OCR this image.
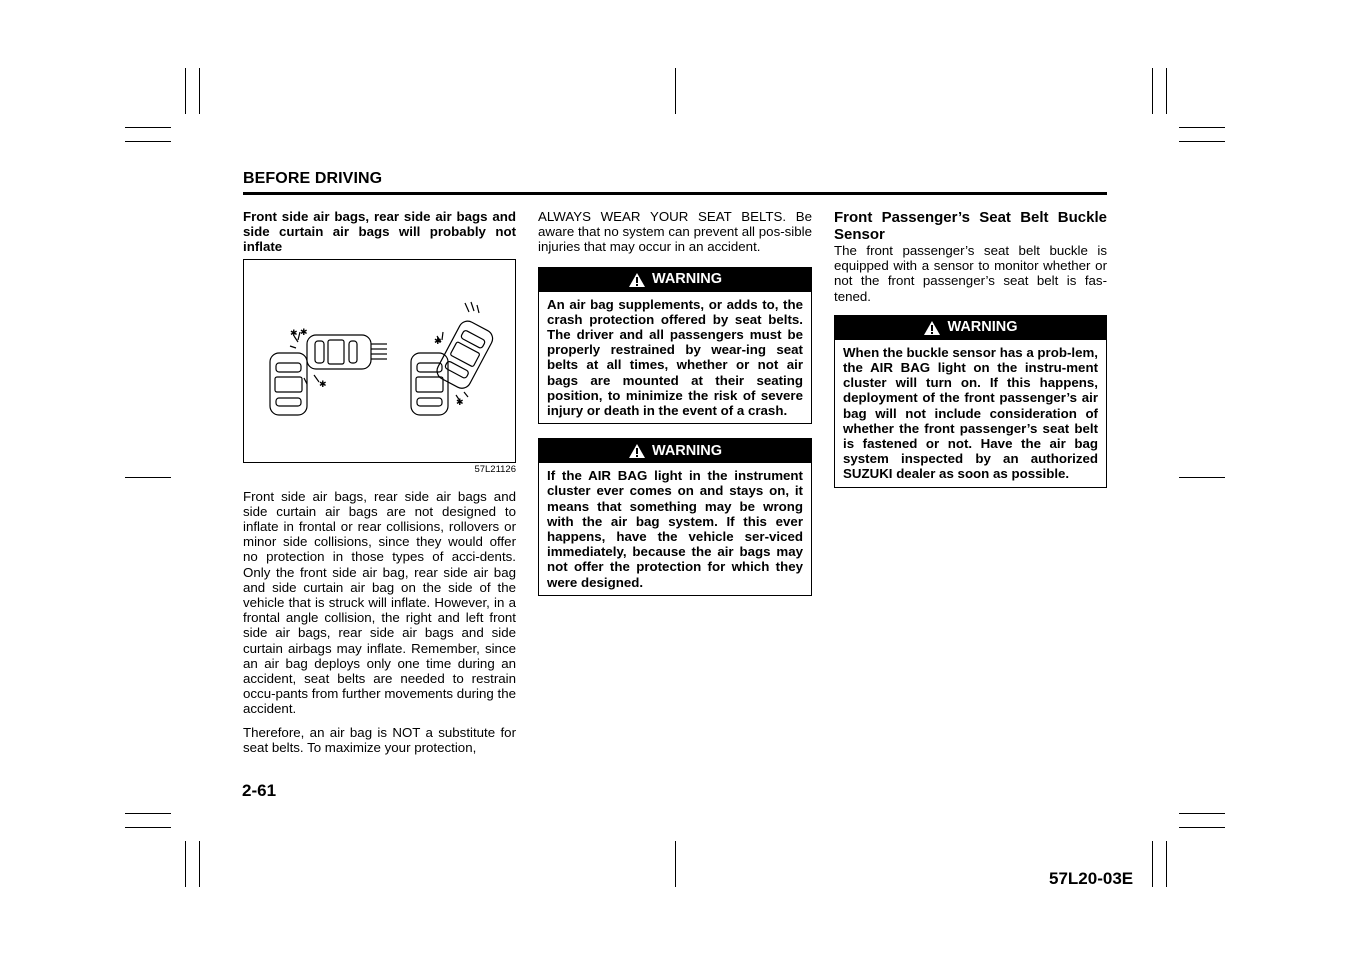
BEFORE DRIVING

Front side air bags, rear side air bags and side curtain air bags will probably not inflate

✱ ✱
✱
✱
✱
57L21126

Front side air bags, rear side air bags and side curtain air bags are not designed to inflate in frontal or rear collisions, rollovers or minor side collisions, since they would offer no protection in those types of acci-dents. Only the front side air bag, rear side air bag and side curtain air bag on the side of the vehicle that is struck will inflate. However, in a frontal angle collision, the right and left front side air bags, rear side air bags and side curtain airbags may inflate. Remember, since an air bag deploys only one time during an accident, seat belts are needed to restrain occu-pants from further movements during the accident.

Therefore, an air bag is NOT a substitute for seat belts. To maximize your protection,

ALWAYS WEAR YOUR SEAT BELTS. Be aware that no system can prevent all pos-sible injuries that may occur in an accident.

WARNING
An air bag supplements, or adds to, the crash protection offered by seat belts. The driver and all passengers must be properly restrained by wear-ing seat belts at all times, whether or not air bags are mounted at their seating position, to minimize the risk of severe injury or death in the event of a crash.
WARNING
If the AIR BAG light in the instrument cluster ever comes on and stays on, it means that something may be wrong with the air bag system. If this ever happens, have the vehicle ser-viced immediately, because the air bags may not offer the protection for which they were designed.
Front Passenger’s Seat Belt Buckle Sensor

The front passenger’s seat belt buckle is equipped with a sensor to monitor whether or not the front passenger’s seat belt is fas-tened.

WARNING
When the buckle sensor has a prob-lem, the AIR BAG light on the instru-ment cluster will turn on. If this happens, deployment of the front passenger’s air bag will not include consideration of whether the front passenger’s seat belt is fastened or not. Have the air bag system inspected by an authorized SUZUKI dealer as soon as possible.
2-61
57L20-03E
